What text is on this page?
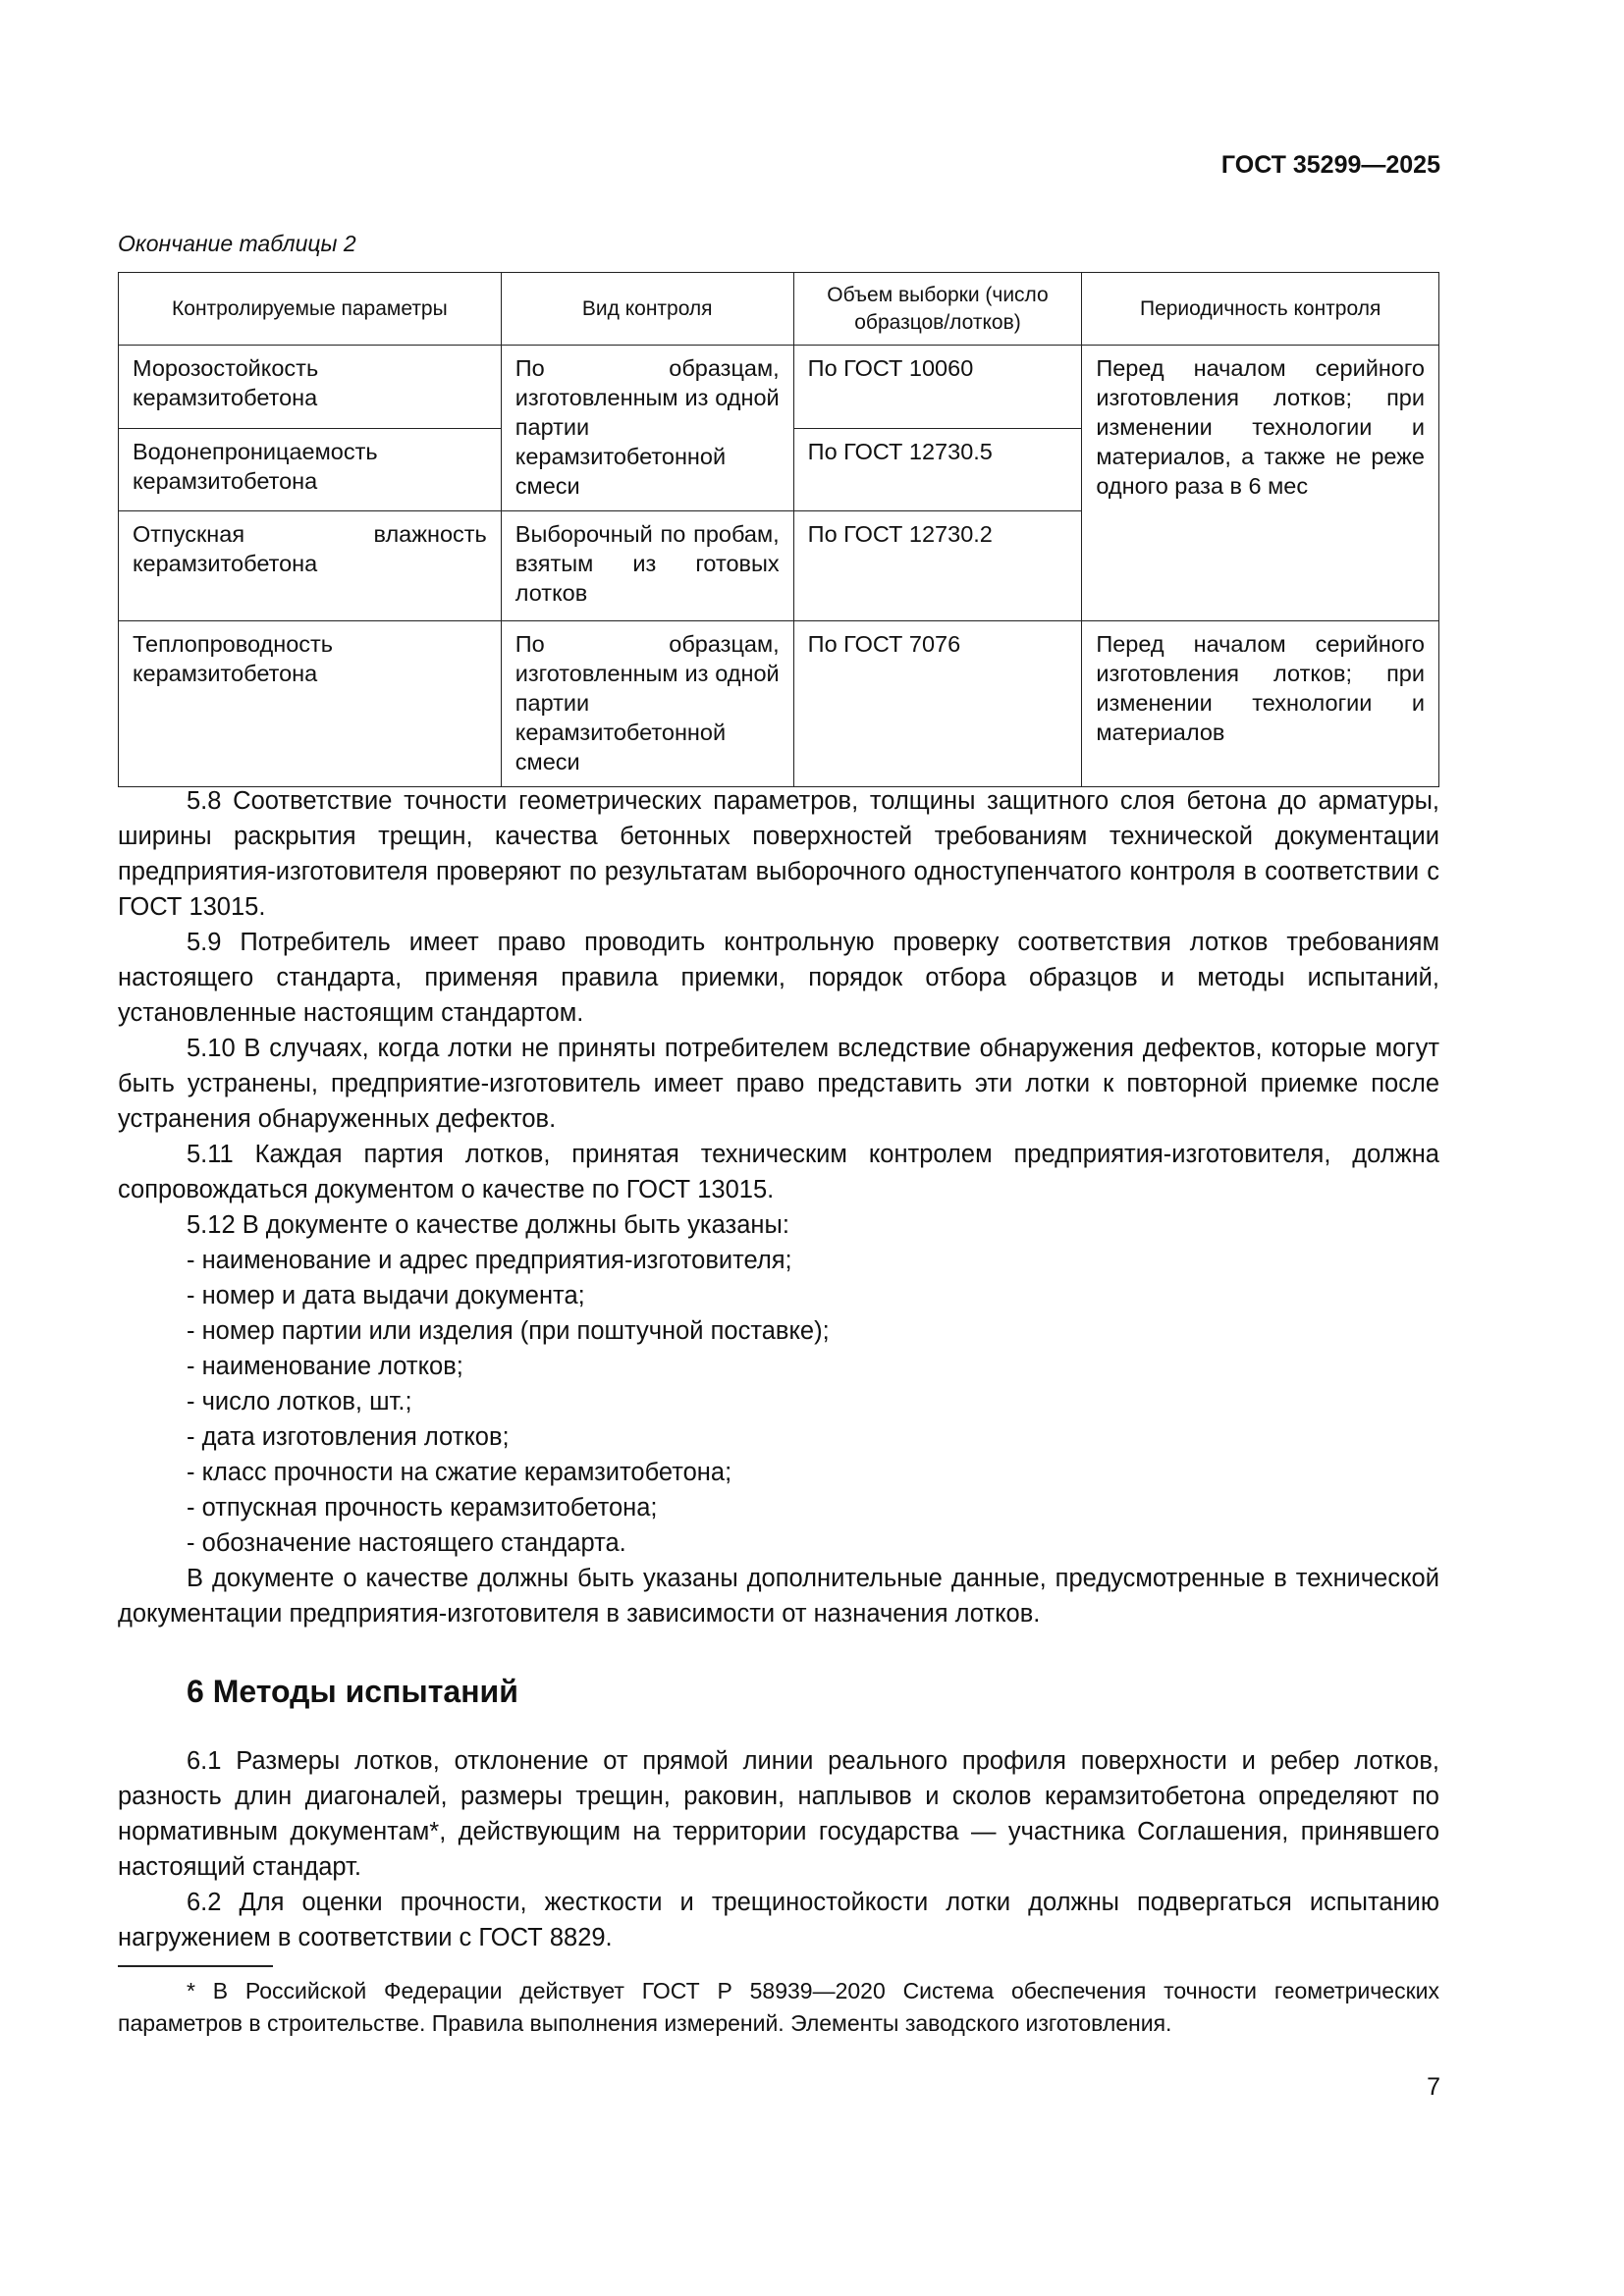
ГОСТ 35299—2025
Окончание таблицы 2
Контролируемые параметры	Вид контроля	Объем выборки (число образцов/лотков)	Периодичность контроля
Морозостойкость керамзитобетона	По образцам, изготовленным из одной партии керамзитобетонной смеси	По ГОСТ 10060	Перед началом серийного изготовления лотков; при изменении технологии и материалов, а также не реже одного раза в 6 мес
Водонепроницаемость керамзитобетона		По ГОСТ 12730.5	
Отпускная влажность керамзитобетона	Выборочный по пробам, взятым из готовых лотков	По ГОСТ 12730.2	
Теплопроводность керамзитобетона	По образцам, изготовленным из одной партии керамзитобетонной смеси	По ГОСТ 7076	Перед началом серийного изготовления лотков; при изменении технологии и материалов

5.8 Соответствие точности геометрических параметров, толщины защитного слоя бетона до арматуры, ширины раскрытия трещин, качества бетонных поверхностей требованиям технической документации предприятия-изготовителя проверяют по результатам выборочного одноступенчатого контроля в соответствии с ГОСТ 13015.

5.9 Потребитель имеет право проводить контрольную проверку соответствия лотков требованиям настоящего стандарта, применяя правила приемки, порядок отбора образцов и методы испытаний, установленные настоящим стандартом.

5.10 В случаях, когда лотки не приняты потребителем вследствие обнаружения дефектов, которые могут быть устранены, предприятие-изготовитель имеет право представить эти лотки к повторной приемке после устранения обнаруженных дефектов.

5.11 Каждая партия лотков, принятая техническим контролем предприятия-изготовителя, должна сопровождаться документом о качестве по ГОСТ 13015.

5.12 В документе о качестве должны быть указаны:

- наименование и адрес предприятия-изготовителя;
- номер и дата выдачи документа;
- номер партии или изделия (при поштучной поставке);
- наименование лотков;
- число лотков, шт.;
- дата изготовления лотков;
- класс прочности на сжатие керамзитобетона;
- отпускная прочность керамзитобетона;
- обозначение настоящего стандарта.

В документе о качестве должны быть указаны дополнительные данные, предусмотренные в технической документации предприятия-изготовителя в зависимости от назначения лотков.

6 Методы испытаний

6.1 Размеры лотков, отклонение от прямой линии реального профиля поверхности и ребер лотков, разность длин диагоналей, размеры трещин, раковин, наплывов и сколов керамзитобетона определяют по нормативным документам*, действующим на территории государства — участника Соглашения, принявшего настоящий стандарт.

6.2 Для оценки прочности, жесткости и трещиностойкости лотки должны подвергаться испытанию нагружением в соответствии с ГОСТ 8829.

* В Российской Федерации действует ГОСТ Р 58939—2020 Система обеспечения точности геометрических параметров в строительстве. Правила выполнения измерений. Элементы заводского изготовления.
7
